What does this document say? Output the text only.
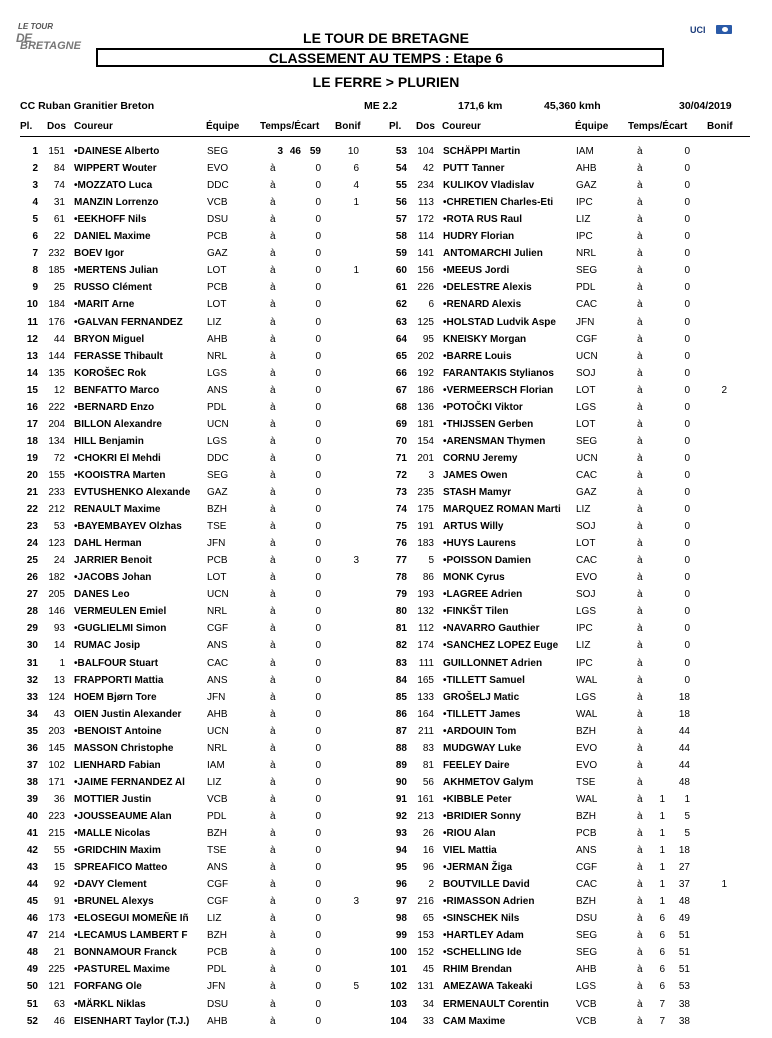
LE TOUR
DE
BRETAGNE
UCI
LE TOUR DE BRETAGNE
CLASSEMENT AU TEMPS : Etape 6
LE FERRE > PLURIEN
CC Ruban Granitier Breton	ME 2.2	171,6 km	45,360 kmh	30/04/2019
Pl. Dos Coureur	Équipe Temps/Écart Bonif	Pl. Dos Coureur	Équipe Temps/Écart Bonif
1 151 •DAINESE Alberto	SEG	3 46 59	10
2 84 WIPPERT Wouter	EVO	à	0	6
3 74 •MOZZATO Luca	DDC	à	0	4
4 31 MANZIN Lorrenzo	VCB	à	0	1
5 61 •EEKHOFF Nils	DSU	à	0
6 22 DANIEL Maxime	PCB	à	0
7 232 BOEV Igor	GAZ	à	0
8 185 •MERTENS Julian	LOT	à	0	1
9 25 RUSSO Clément	PCB	à	0
10 184 •MARIT Arne	LOT	à	0
11 176 •GALVAN FERNANDEZ LIZ	à	0
12 44 BRYON Miguel	AHB	à	0
13 144 FERASSE Thibault	NRL	à	0
14 135 KOROŠEC Rok	LGS	à	0
15 12 BENFATTO Marco	ANS	à	0
16 222 •BERNARD Enzo	PDL	à	0
17 204 BILLON Alexandre	UCN	à	0
18 134 HILL Benjamin	LGS	à	0
19 72 •CHOKRI El Mehdi	DDC	à	0
20 155 •KOOISTRA Marten	SEG	à	0
21 233 EVTUSHENKO Alexande GAZ	à	0
22 212 RENAULT Maxime	BZH	à	0
23 53 •BAYEMBAYEV Olzhas	TSE	à	0
24 123 DAHL Herman	JFN	à	0
25 24 JARRIER Benoit	PCB	à	0	3
26 182 •JACOBS Johan	LOT	à	0
27 205 DANES Leo	UCN	à	0
28 146 VERMEULEN Emiel	NRL	à	0
29 93 •GUGLIELMI Simon	CGF	à	0
30 14 RUMAC Josip	ANS	à	0
31 1 •BALFOUR Stuart	CAC	à	0
32 13 FRAPPORTI Mattia	ANS	à	0
33 124 HOEM Bjørn Tore	JFN	à	0
34 43 OIEN Justin Alexander	AHB	à	0
35 203 •BENOIST Antoine	UCN	à	0
36 145 MASSON Christophe	NRL	à	0
37 102 LIENHARD Fabian	IAM	à	0
38 171 •JAIME FERNANDEZ Al LIZ	à	0
39 36 MOTTIER Justin	VCB	à	0
40 223 •JOUSSEAUME Alan	PDL	à	0
41 215 •MALLE Nicolas	BZH	à	0
42 55 •GRIDCHIN Maxim	TSE	à	0
43 15 SPREAFICO Matteo	ANS	à	0
44 92 •DAVY Clement	CGF	à	0
45 91 •BRUNEL Alexys	CGF	à	0	3
46 173 •ELOSEGUI MOMEÑE Iñ LIZ	à	0
47 214 •LECAMUS LAMBERT F BZH	à	0
48 21 BONNAMOUR Franck	PCB	à	0
49 225 •PASTUREL Maxime	PDL	à	0
50 121 FORFANG Ole	JFN	à	0	5
51 63 •MÄRKL Niklas	DSU	à	0
52 46 EISENHART Taylor (T.J.) AHB	à	0
53 104 SCHÄPPI Martin	IAM	à	0
54 42 PUTT Tanner	AHB	à	0
55 234 KULIKOV Vladislav	GAZ	à	0
56 113 •CHRETIEN Charles-Eti IPC	à	0
57 172 •ROTA RUS Raul	LIZ	à	0
58 114 HUDRY Florian	IPC	à	0
59 141 ANTOMARCHI Julien	NRL	à	0
60 156 •MEEUS Jordi	SEG	à	0
61 226 •DELESTRE Alexis	PDL	à	0
62 6 •RENARD Alexis	CAC	à	0
63 125 •HOLSTAD Ludvik Aspe JFN	à	0
64 95 KNEISKY Morgan	CGF	à	0
65 202 •BARRE Louis	UCN	à	0
66 192 FARANTAKIS Stylianos SOJ	à	0
67 186 •VERMEERSCH Florian LOT	à	0	2
68 136 •POTOČKI Viktor	LGS	à	0
69 181 •THIJSSEN Gerben	LOT	à	0
70 154 •ARENSMAN Thymen	SEG	à	0
71 201 CORNU Jeremy	UCN	à	0
72 3 JAMES Owen	CAC	à	0
73 235 STASH Mamyr	GAZ	à	0
74 175 MARQUEZ ROMAN Marti LIZ	à	0
75 191 ARTUS Willy	SOJ	à	0
76 183 •HUYS Laurens	LOT	à	0
77 5 •POISSON Damien	CAC	à	0
78 86 MONK Cyrus	EVO	à	0
79 193 •LAGREE Adrien	SOJ	à	0
80 132 •FINKŠT Tilen	LGS	à	0
81 112 •NAVARRO Gauthier	IPC	à	0
82 174 •SANCHEZ LOPEZ Euge LIZ	à	0
83 111 GUILLONNET Adrien	IPC	à	0
84 165 •TILLETT Samuel	WAL	à	0
85 133 GROŠELJ Matic	LGS	à	18
86 164 •TILLETT James	WAL	à	18
87 211 •ARDOUIN Tom	BZH	à	44
88 83 MUDGWAY Luke	EVO	à	44
89 81 FEELEY Daire	EVO	à	44
90 56 AKHMETOV Galym	TSE	à	48
91 161 •KIBBLE Peter	WAL	à 1 1
92 213 •BRIDIER Sonny	BZH	à 1 5
93 26 •RIOU Alan	PCB	à 1 5
94 16 VIEL Mattia	ANS	à 1 18
95 96 •JERMAN Žiga	CGF	à 1 27
96 2 BOUTVILLE David	CAC	à 1 37	1
97 216 •RIMASSON Adrien	BZH	à 1 48
98 65 •SINSCHEK Nils	DSU	à 6 49
99 153 •HARTLEY Adam	SEG	à 6 51
100 152 •SCHELLING Ide	SEG	à 6 51
101 45 RHIM Brendan	AHB	à 6 51
102 131 AMEZAWA Takeaki	LGS	à 6 53
103 34 ERMENAULT Corentin	VCB	à 7 38
104 33 CAM Maxime	VCB	à 7 38
